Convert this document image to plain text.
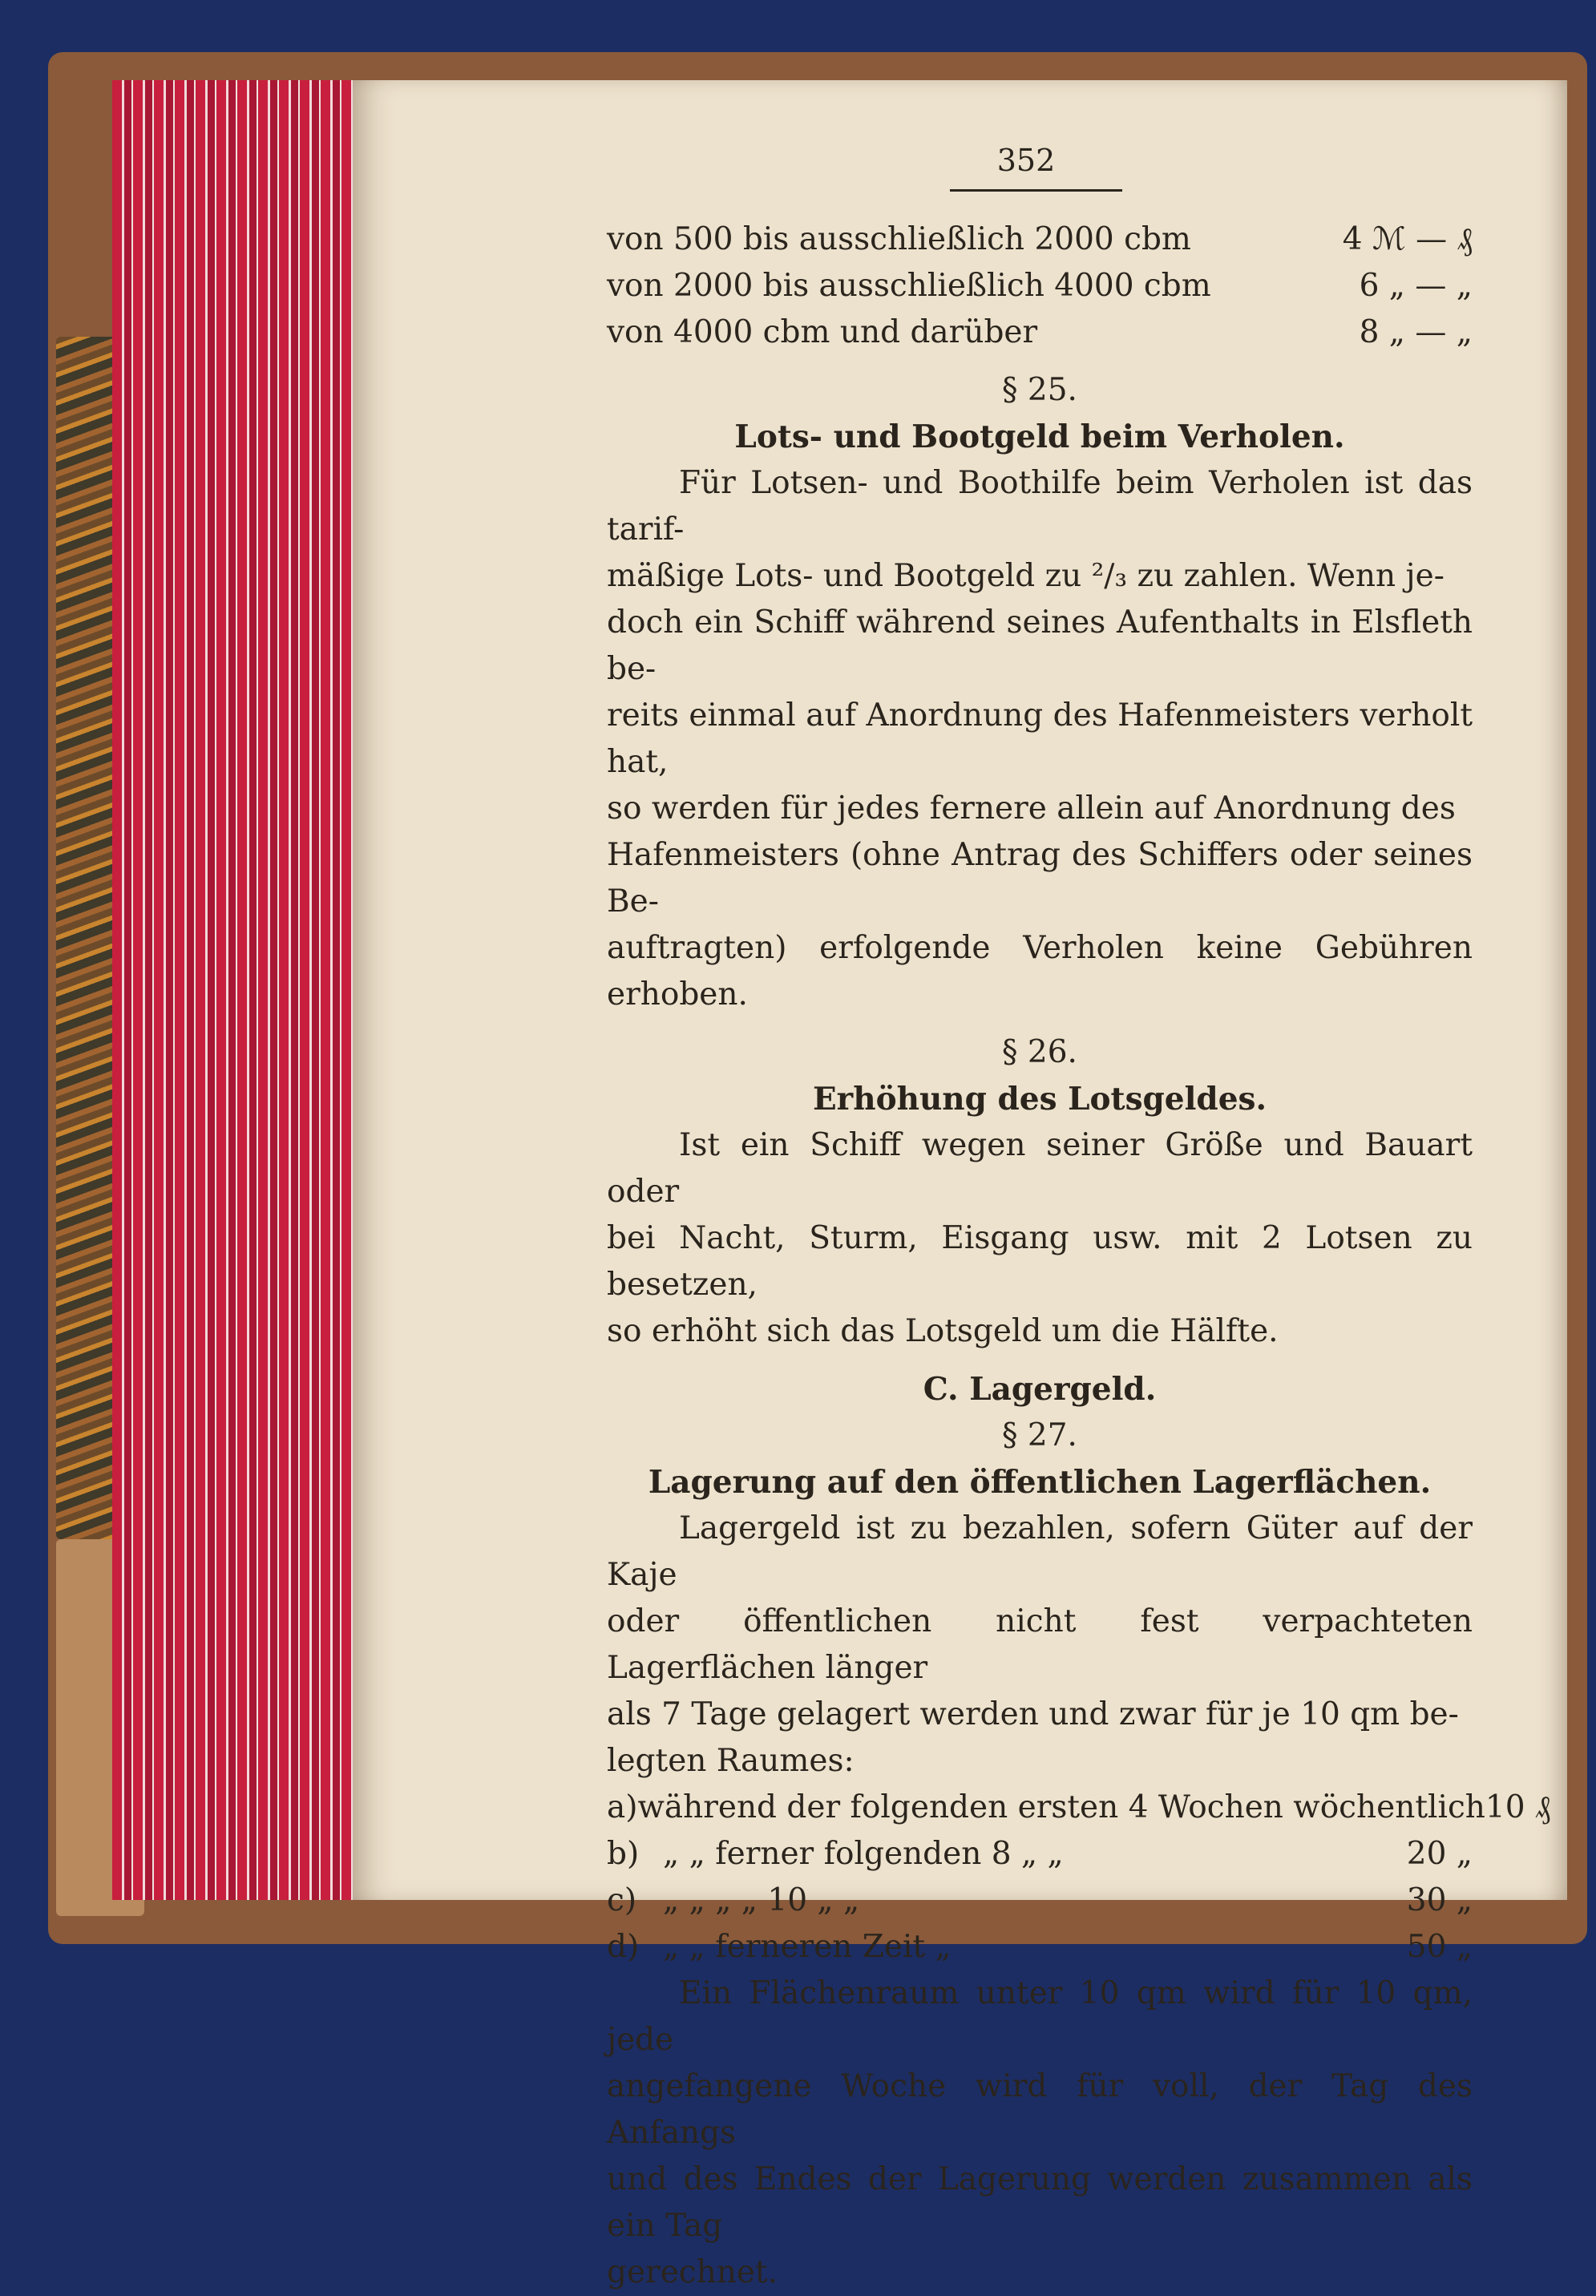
352
von 500 bis ausschließlich 2000 cbm	4 ℳ — ₰
von 2000 bis ausschließlich 4000 cbm	6 „ — „
von 4000 cbm und darüber	8 „ — „
§ 25.
Lots- und Bootgeld beim Verholen.
Für Lotsen- und Boothilfe beim Verholen ist das tarif-
mäßige Lots- und Bootgeld zu ²/₃ zu zahlen. Wenn je-
doch ein Schiff während seines Aufenthalts in Elsfleth be-
reits einmal auf Anordnung des Hafenmeisters verholt hat,
so werden für jedes fernere allein auf Anordnung des
Hafenmeisters (ohne Antrag des Schiffers oder seines Be-
auftragten) erfolgende Verholen keine Gebühren erhoben.
§ 26.
Erhöhung des Lotsgeldes.
Ist ein Schiff wegen seiner Größe und Bauart oder
bei Nacht, Sturm, Eisgang usw. mit 2 Lotsen zu besetzen,
so erhöht sich das Lotsgeld um die Hälfte.
C. Lagergeld.
§ 27.
Lagerung auf den öffentlichen Lagerflächen.
Lagergeld ist zu bezahlen, sofern Güter auf der Kaje
oder öffentlichen nicht fest verpachteten Lagerflächen länger
als 7 Tage gelagert werden und zwar für je 10 qm be-
legten Raumes:
a) während der folgenden ersten 4 Wochen wöchentlich 10 ₰
b) „ „ ferner folgenden 8 „ „	20 „
c) „ „ „ „ 10 „ „	30 „
d) „ „ ferneren Zeit „	50 „
Ein Flächenraum unter 10 qm wird für 10 qm, jede
angefangene Woche wird für voll, der Tag des Anfangs
und des Endes der Lagerung werden zusammen als ein Tag
gerechnet.
